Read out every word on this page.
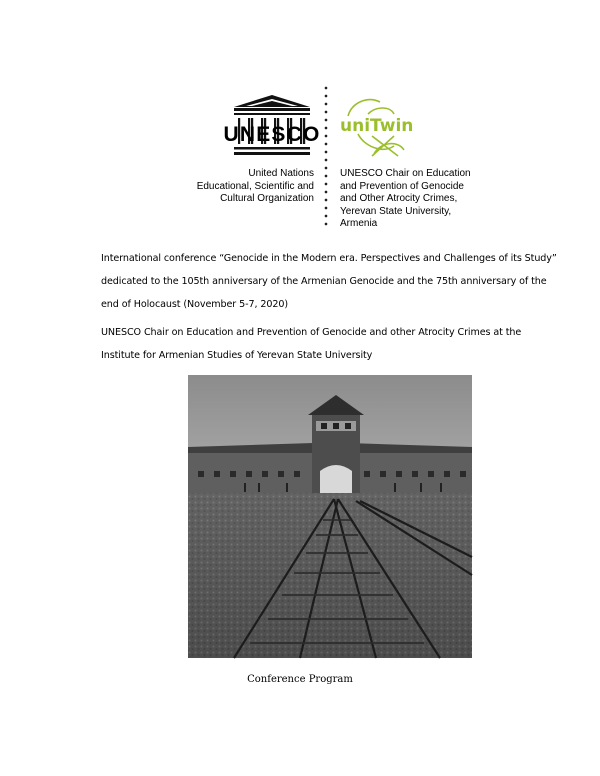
UNESCO
United Nations
Educational, Scientific and
Cultural Organization
uniTwin
UNESCO Chair on Education
and Prevention of Genocide
and Other Atrocity Crimes,
Yerevan State University,
Armenia
International conference “Genocide in the Modern era. Perspectives and Challenges of its Study” dedicated to the 105th anniversary of the Armenian Genocide and the 75th anniversary of the end of Holocaust (November 5-7, 2020)
UNESCO Chair on Education and Prevention of Genocide and other Atrocity Crimes at the Institute for Armenian Studies of Yerevan State University
Conference Program
